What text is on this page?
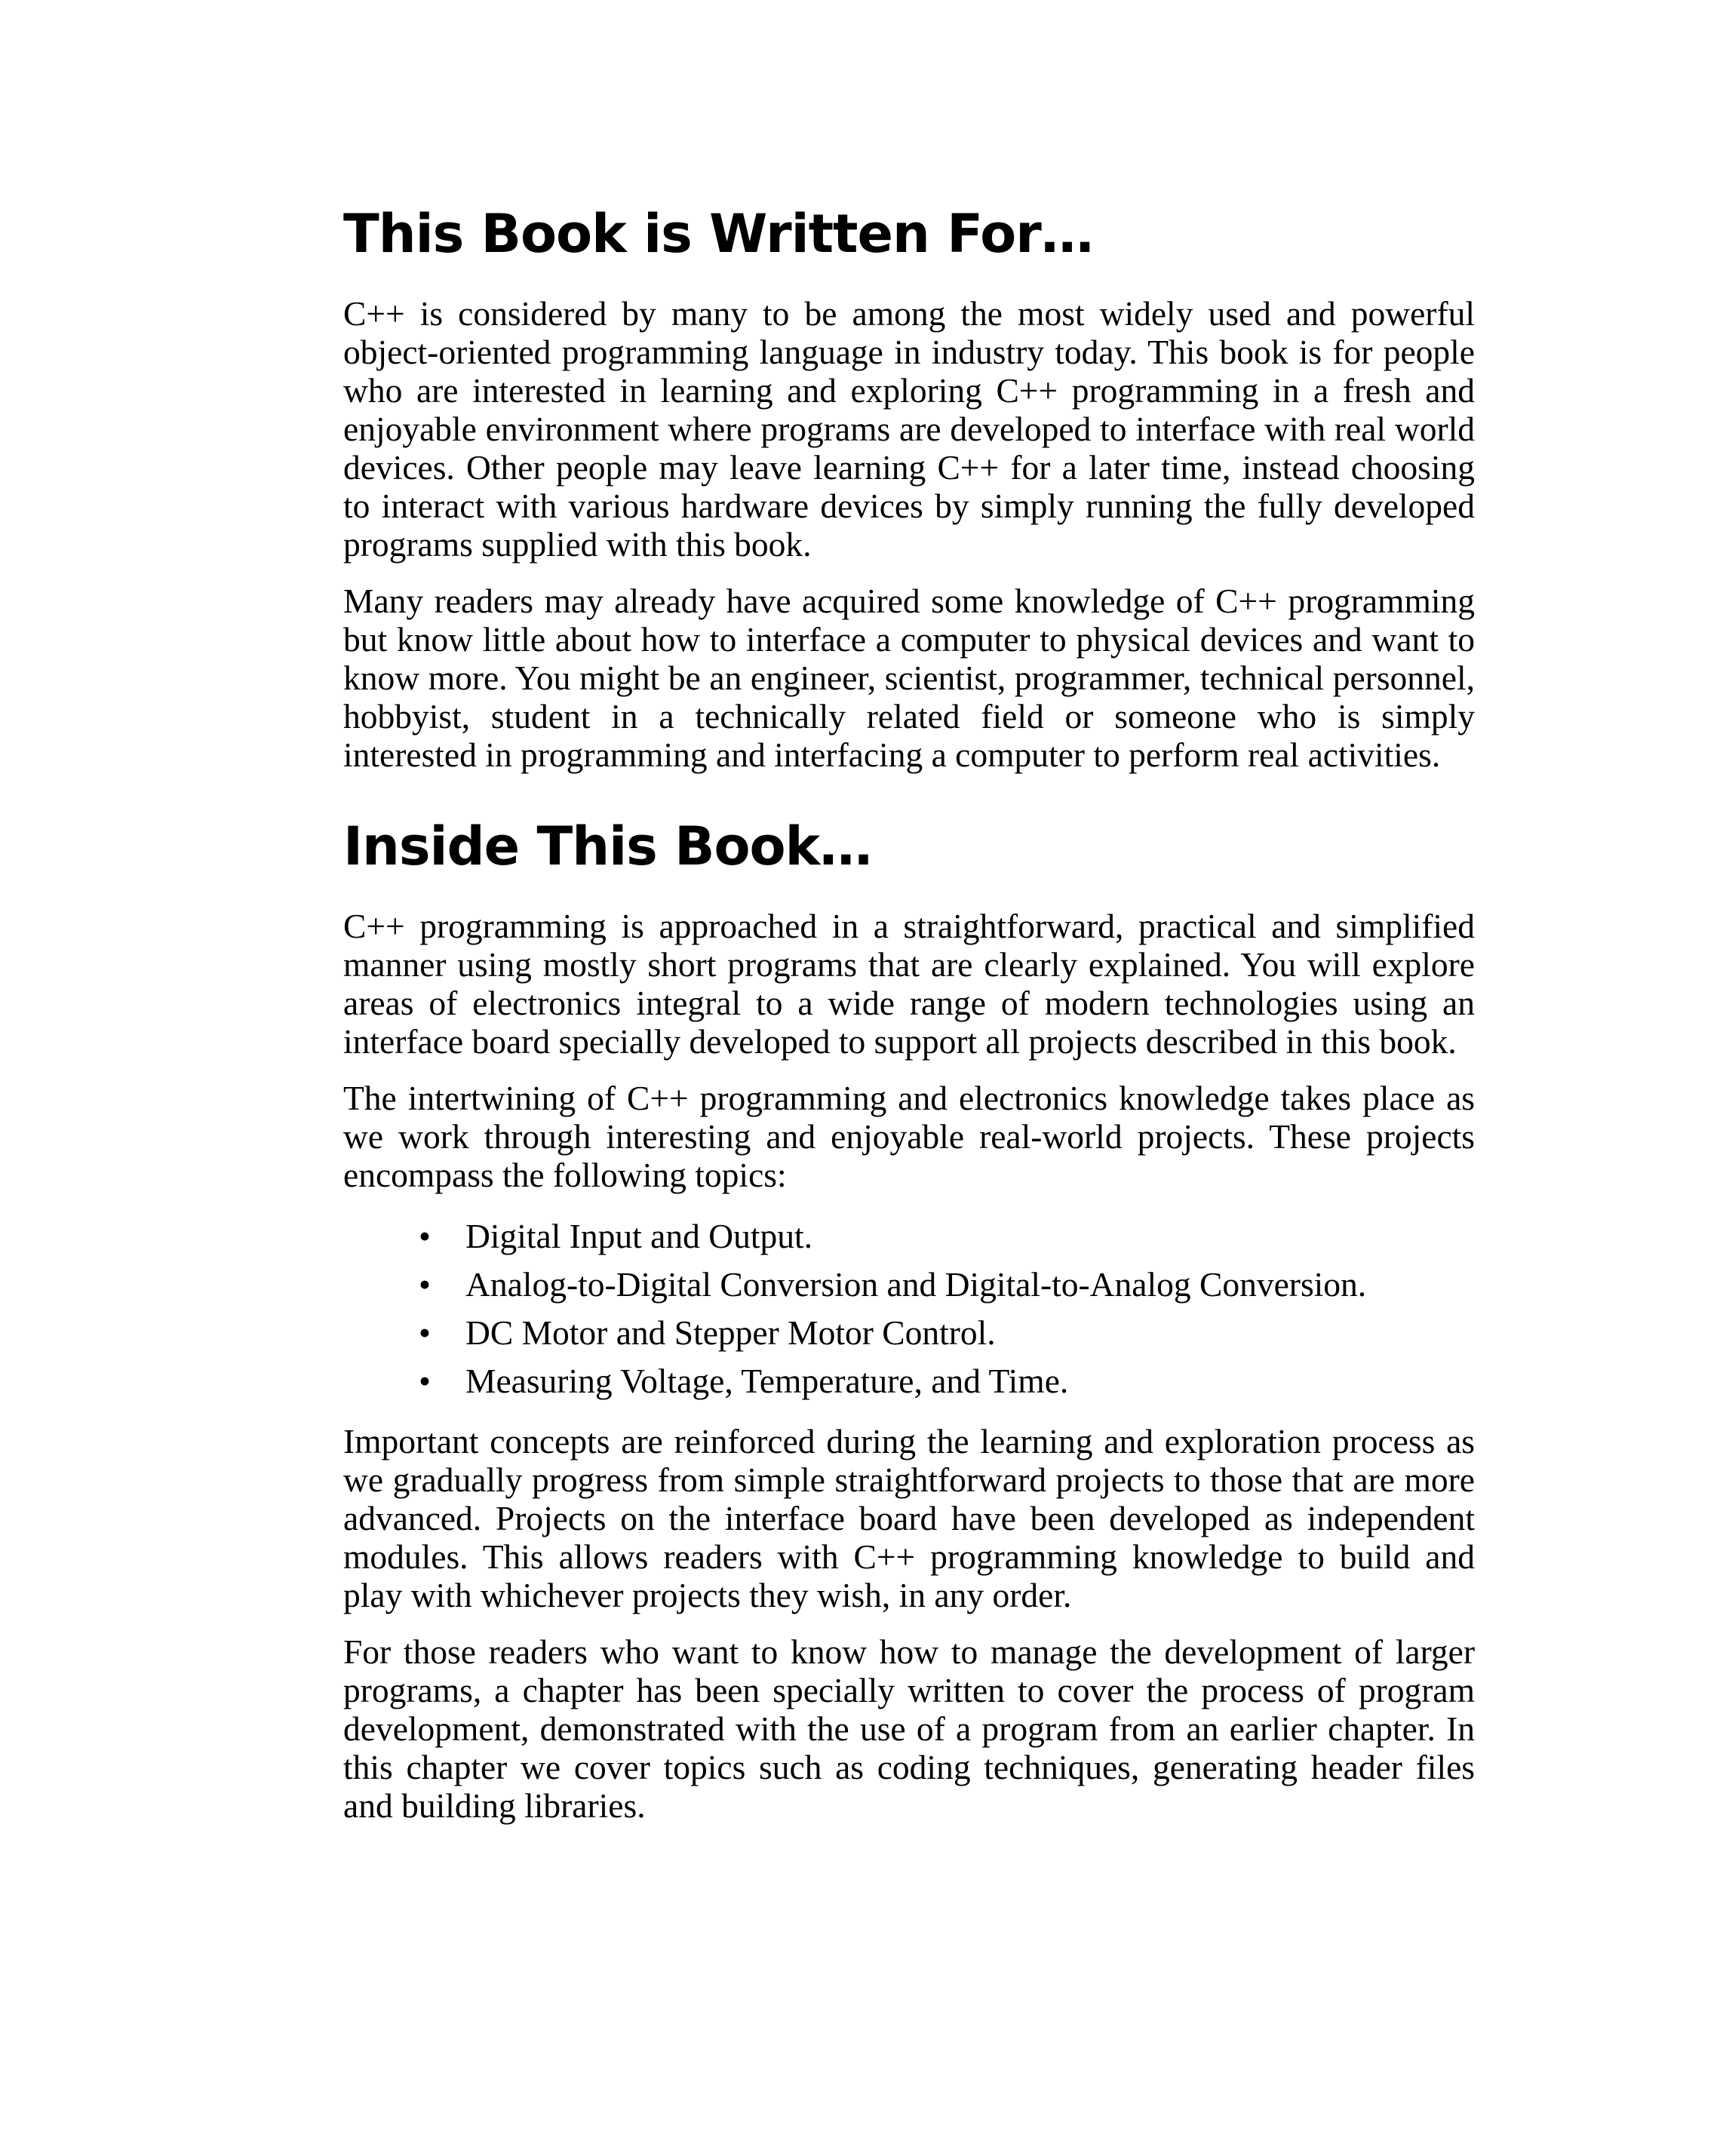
This Book is Written For…

C++ is considered by many to be among the most widely used and powerful object-oriented programming language in industry today. This book is for people who are interested in learning and exploring C++ programming in a fresh and enjoyable environment where programs are developed to interface with real world devices. Other people may leave learning C++ for a later time, instead choosing to interact with various hardware devices by simply running the fully developed programs supplied with this book.

Many readers may already have acquired some knowledge of C++ programming but know little about how to interface a computer to physical devices and want to know more. You might be an engineer, scientist, programmer, technical personnel, hobbyist, student in a technically related field or someone who is simply interested in programming and interfacing a computer to perform real activities.

Inside This Book…

C++ programming is approached in a straightforward, practical and simplified manner using mostly short programs that are clearly explained. You will explore areas of electronics integral to a wide range of modern technologies using an interface board specially developed to support all projects described in this book.

The intertwining of C++ programming and electronics knowledge takes place as we work through interesting and enjoyable real-world projects. These projects encompass the following topics:

• Digital Input and Output.
• Analog-to-Digital Conversion and Digital-to-Analog Conversion.
• DC Motor and Stepper Motor Control.
• Measuring Voltage, Temperature, and Time.

Important concepts are reinforced during the learning and exploration process as we gradually progress from simple straightforward projects to those that are more advanced. Projects on the interface board have been developed as independent modules. This allows readers with C++ programming knowledge to build and play with whichever projects they wish, in any order.

For those readers who want to know how to manage the development of larger programs, a chapter has been specially written to cover the process of program development, demonstrated with the use of a program from an earlier chapter. In this chapter we cover topics such as coding techniques, generating header files and building libraries.
